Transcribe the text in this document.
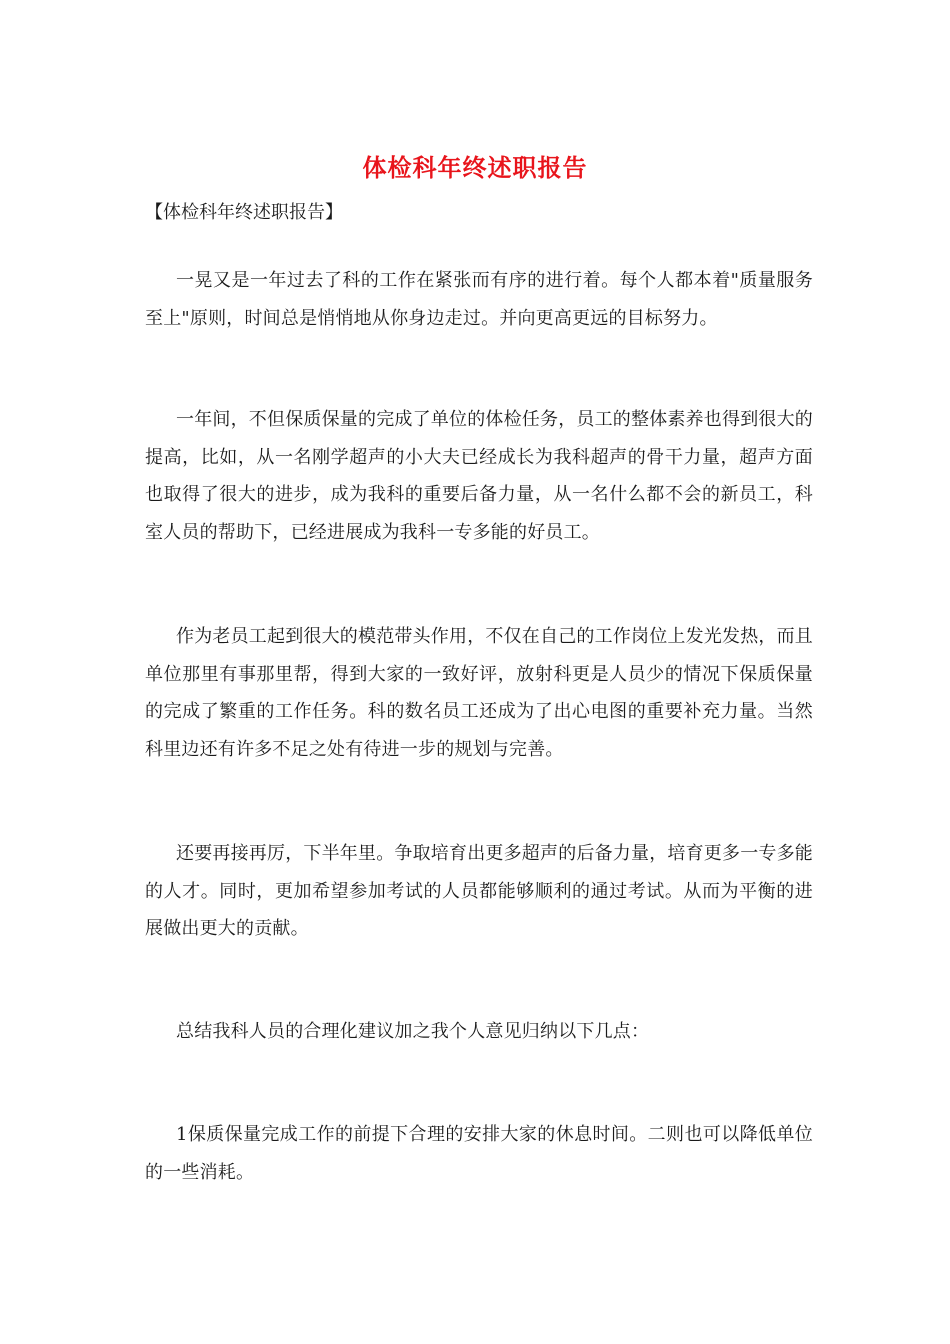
体检科年终述职报告
【体检科年终述职报告】

一晃又是一年过去了科的工作在紧张而有序的进行着。每个人都本着"质量服务至上"原则，时间总是悄悄地从你身边走过。并向更高更远的目标努力。

一年间，不但保质保量的完成了单位的体检任务，员工的整体素养也得到很大的提高，比如，从一名刚学超声的小大夫已经成长为我科超声的骨干力量，超声方面也取得了很大的进步，成为我科的重要后备力量，从一名什么都不会的新员工，科室人员的帮助下，已经进展成为我科一专多能的好员工。

作为老员工起到很大的模范带头作用，不仅在自己的工作岗位上发光发热，而且单位那里有事那里帮，得到大家的一致好评，放射科更是人员少的情况下保质保量的完成了繁重的工作任务。科的数名员工还成为了出心电图的重要补充力量。当然科里边还有许多不足之处有待进一步的规划与完善。

还要再接再厉，下半年里。争取培育出更多超声的后备力量，培育更多一专多能的人才。同时，更加希望参加考试的人员都能够顺利的通过考试。从而为平衡的进展做出更大的贡献。

总结我科人员的合理化建议加之我个人意见归纳以下几点：

1保质保量完成工作的前提下合理的安排大家的休息时间。二则也可以降低单位的一些消耗。
